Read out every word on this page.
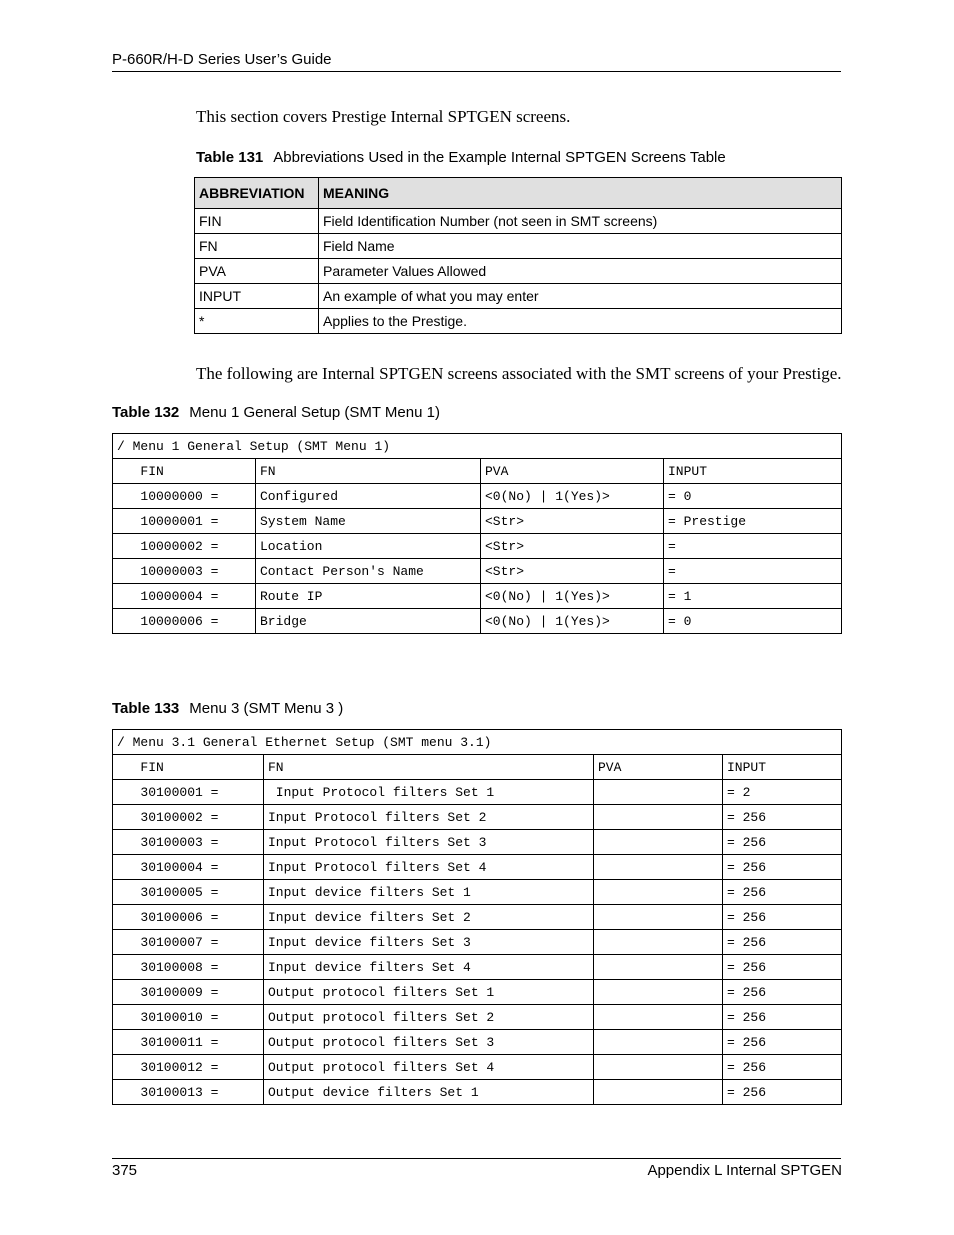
P-660R/H-D Series User’s Guide
This section covers Prestige Internal SPTGEN screens.
Table 131 Abbreviations Used in the Example Internal SPTGEN Screens Table
ABBREVIATION	MEANING
FIN	Field Identification Number (not seen in SMT screens)
FN	Field Name
PVA	Parameter Values Allowed
INPUT	An example of what you may enter
*	Applies to the Prestige.
The following are Internal SPTGEN screens associated with the SMT screens of your Prestige.
Table 132 Menu 1 General Setup (SMT Menu 1)
/ Menu 1 General Setup (SMT Menu 1)			
FIN	FN	PVA	INPUT
10000000 =	Configured	<0(No) | 1(Yes)>	= 0
10000001 =	System Name	<Str>	= Prestige
10000002 =	Location	<Str>	=
10000003 =	Contact Person's Name	<Str>	=
10000004 =	Route IP	<0(No) | 1(Yes)>	= 1
10000006 =	Bridge	<0(No) | 1(Yes)>	= 0
Table 133 Menu 3 (SMT Menu 3 )
/ Menu 3.1 General Ethernet Setup (SMT menu 3.1)			
FIN	FN	PVA	INPUT
30100001 =	Input Protocol filters Set 1		= 2
30100002 =	Input Protocol filters Set 2		= 256
30100003 =	Input Protocol filters Set 3		= 256
30100004 =	Input Protocol filters Set 4		= 256
30100005 =	Input device filters Set 1		= 256
30100006 =	Input device filters Set 2		= 256
30100007 =	Input device filters Set 3		= 256
30100008 =	Input device filters Set 4		= 256
30100009 =	Output protocol filters Set 1		= 256
30100010 =	Output protocol filters Set 2		= 256
30100011 =	Output protocol filters Set 3		= 256
30100012 =	Output protocol filters Set 4		= 256
30100013 =	Output device filters Set 1		= 256
375	Appendix L Internal SPTGEN
